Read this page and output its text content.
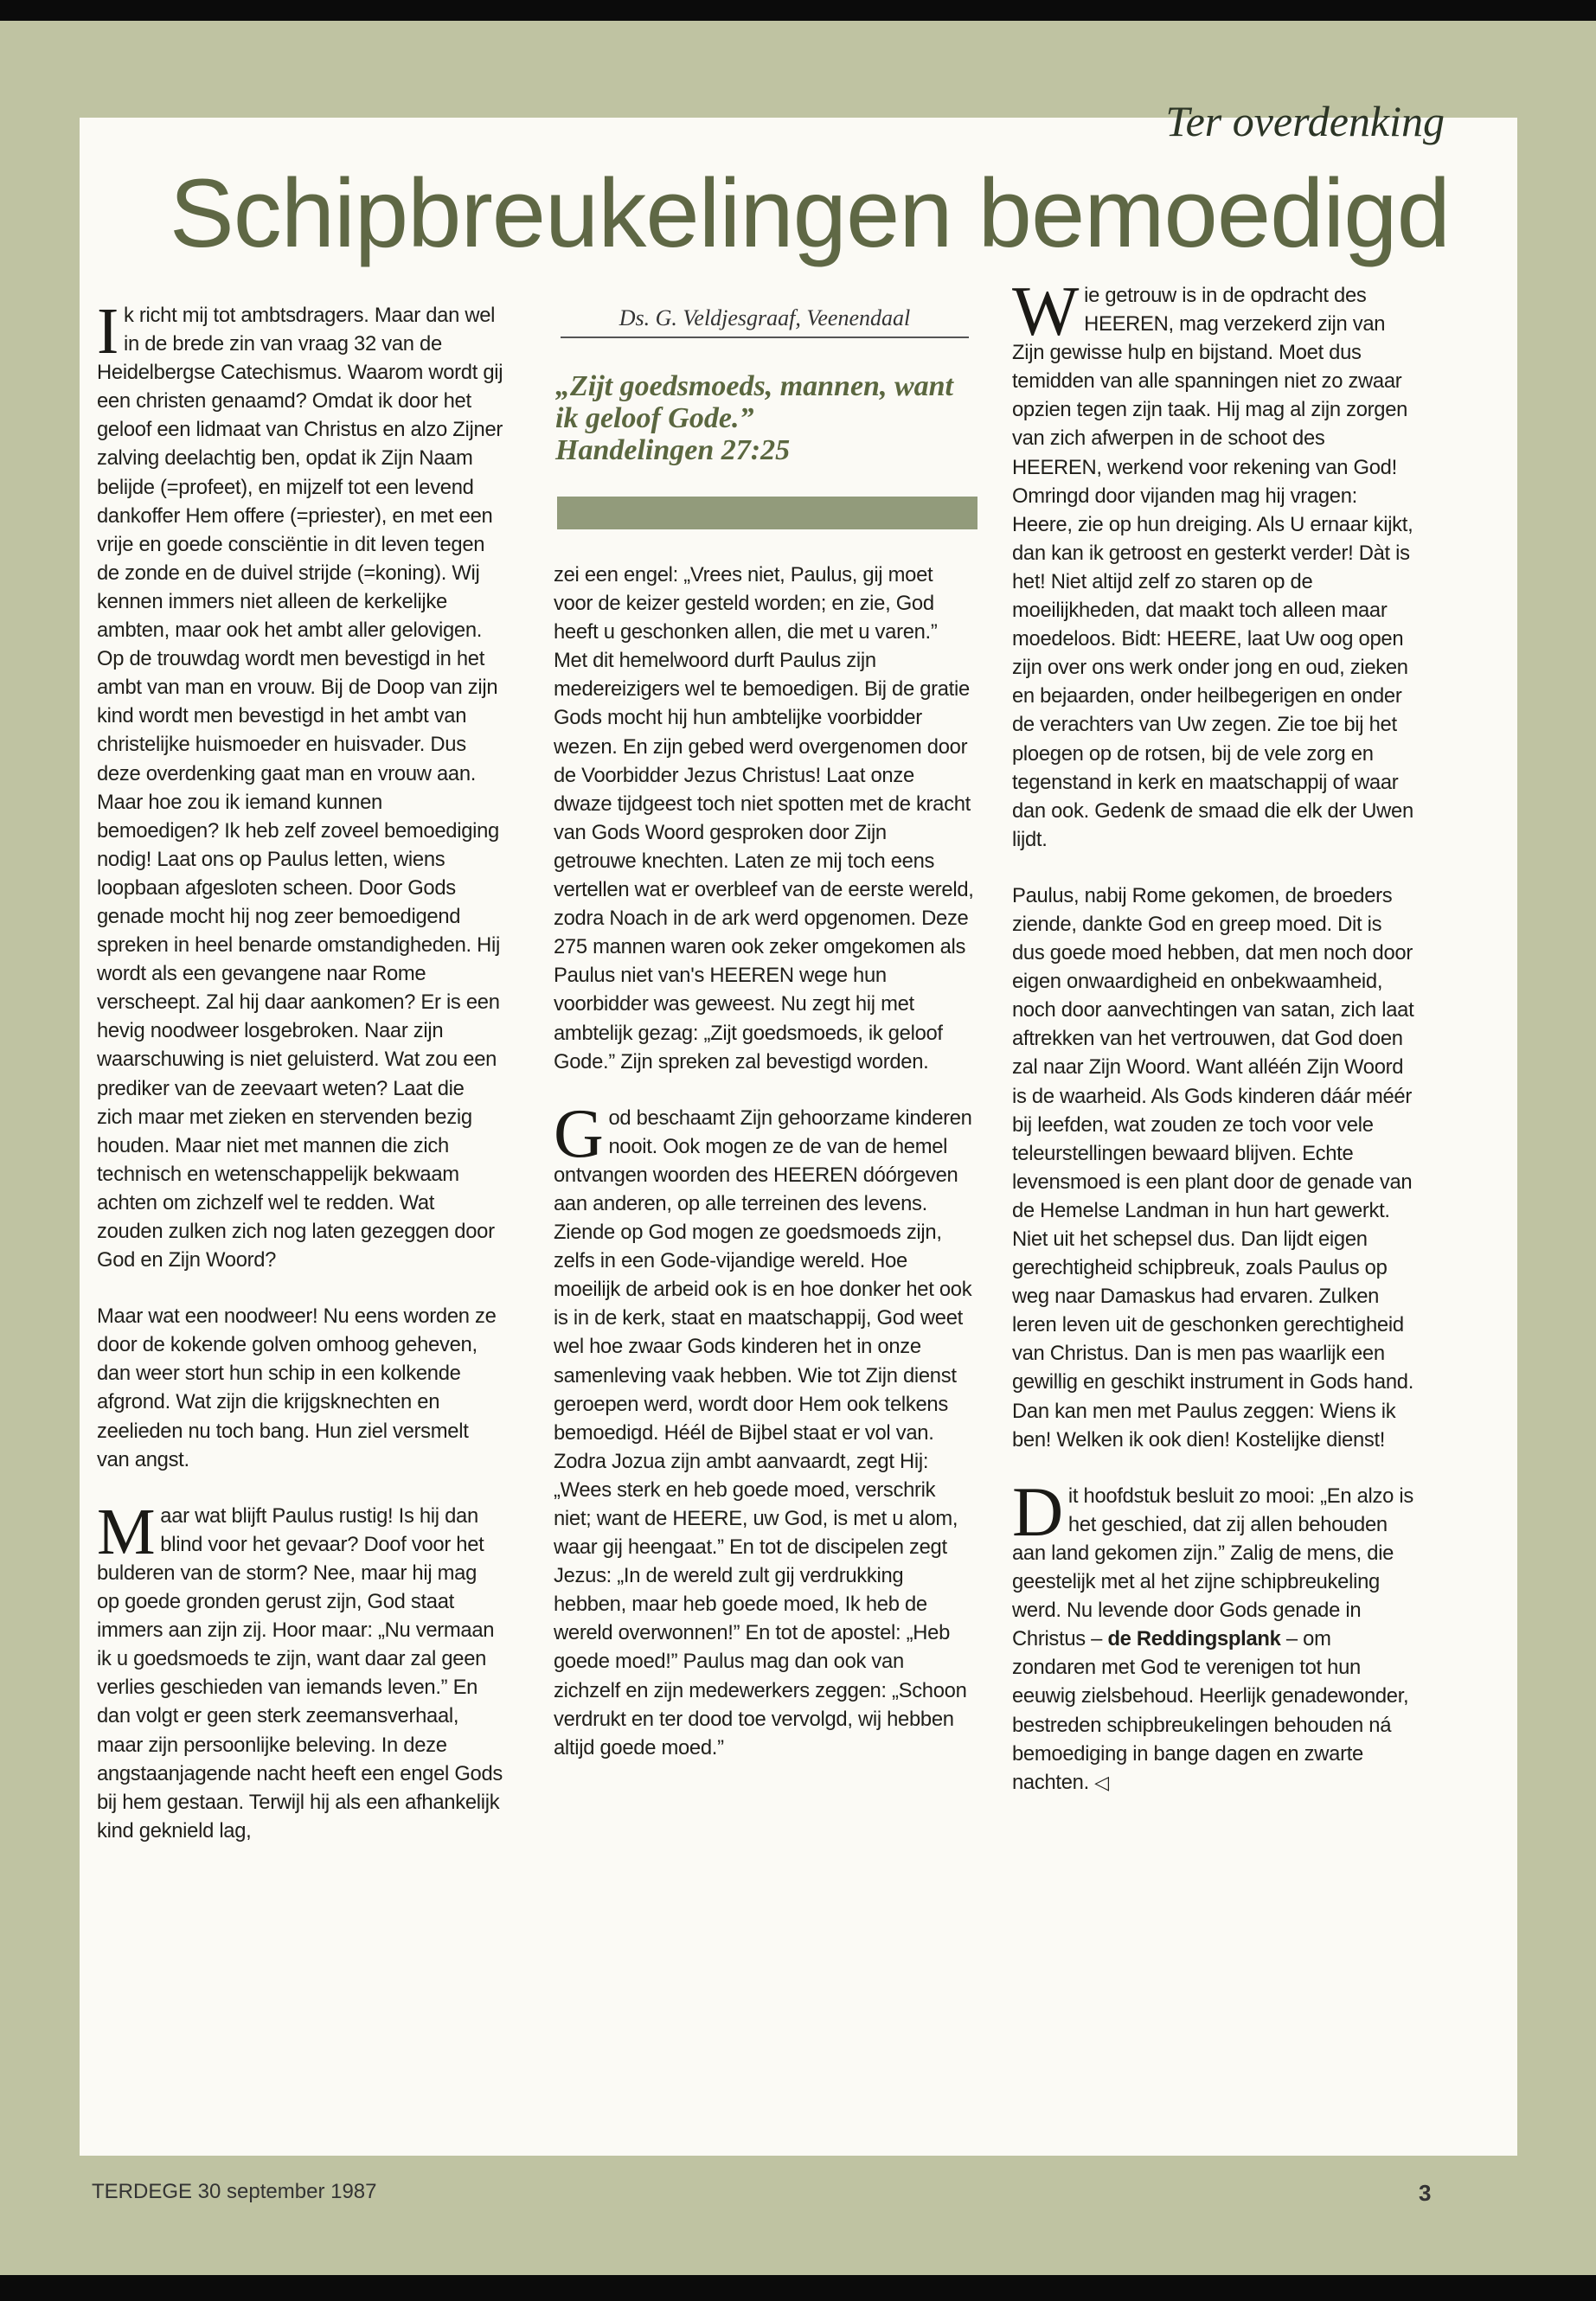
Ter overdenking
Schipbreukelingen bemoedigd

Ik richt mij tot ambtsdragers. Maar dan wel in de brede zin van vraag 32 van de Heidelbergse Catechismus. Waarom wordt gij een christen genaamd? Omdat ik door het geloof een lidmaat van Christus en alzo Zijner zalving deelachtig ben, opdat ik Zijn Naam belijde (=profeet), en mijzelf tot een levend dankoffer Hem offere (=priester), en met een vrije en goede consciëntie in dit leven tegen de zonde en de duivel strijde (=koning). Wij kennen immers niet alleen de kerkelijke ambten, maar ook het ambt aller gelovigen. Op de trouwdag wordt men bevestigd in het ambt van man en vrouw. Bij de Doop van zijn kind wordt men bevestigd in het ambt van christelijke huismoeder en huisvader. Dus deze overdenking gaat man en vrouw aan. Maar hoe zou ik iemand kunnen bemoedigen? Ik heb zelf zoveel bemoediging nodig! Laat ons op Paulus letten, wiens loopbaan afgesloten scheen. Door Gods genade mocht hij nog zeer bemoedigend spreken in heel benarde omstandigheden. Hij wordt als een gevangene naar Rome verscheept. Zal hij daar aankomen? Er is een hevig noodweer losgebroken. Naar zijn waarschuwing is niet geluisterd. Wat zou een prediker van de zeevaart weten? Laat die zich maar met zieken en stervenden bezig houden. Maar niet met mannen die zich technisch en wetenschappelijk bekwaam achten om zichzelf wel te redden. Wat zouden zulken zich nog laten gezeggen door God en Zijn Woord?

Maar wat een noodweer! Nu eens worden ze door de kokende golven omhoog geheven, dan weer stort hun schip in een kolkende afgrond. Wat zijn die krijgsknechten en zeelieden nu toch bang. Hun ziel versmelt van angst.

Maar wat blijft Paulus rustig! Is hij dan blind voor het gevaar? Doof voor het bulderen van de storm? Nee, maar hij mag op goede gronden gerust zijn, God staat immers aan zijn zij. Hoor maar: „Nu vermaan ik u goedsmoeds te zijn, want daar zal geen verlies geschieden van iemands leven.” En dan volgt er geen sterk zeemansverhaal, maar zijn persoonlijke beleving. In deze angstaanjagende nacht heeft een engel Gods bij hem gestaan. Terwijl hij als een afhankelijk kind geknield lag,

Ds. G. Veldjesgraaf, Veenendaal
„Zijt goedsmoeds, mannen, want ik geloof Gode.”
Handelingen 27:25

zei een engel: „Vrees niet, Paulus, gij moet voor de keizer gesteld worden; en zie, God heeft u geschonken allen, die met u varen.” Met dit hemelwoord durft Paulus zijn medereizigers wel te bemoedigen. Bij de gratie Gods mocht hij hun ambtelijke voorbidder wezen. En zijn gebed werd overgenomen door de Voorbidder Jezus Christus! Laat onze dwaze tijdgeest toch niet spotten met de kracht van Gods Woord gesproken door Zijn getrouwe knechten. Laten ze mij toch eens vertellen wat er overbleef van de eerste wereld, zodra Noach in de ark werd opgenomen. Deze 275 mannen waren ook zeker omgekomen als Paulus niet van's HEEREN wege hun voorbidder was geweest. Nu zegt hij met ambtelijk gezag: „Zijt goedsmoeds, ik geloof Gode.” Zijn spreken zal bevestigd worden.

God beschaamt Zijn gehoorzame kinderen nooit. Ook mogen ze de van de hemel ontvangen woorden des HEEREN dóórgeven aan anderen, op alle terreinen des levens. Ziende op God mogen ze goedsmoeds zijn, zelfs in een Gode-vijandige wereld. Hoe moeilijk de arbeid ook is en hoe donker het ook is in de kerk, staat en maatschappij, God weet wel hoe zwaar Gods kinderen het in onze samenleving vaak hebben. Wie tot Zijn dienst geroepen werd, wordt door Hem ook telkens bemoedigd. Héél de Bijbel staat er vol van. Zodra Jozua zijn ambt aanvaardt, zegt Hij: „Wees sterk en heb goede moed, verschrik niet; want de HEERE, uw God, is met u alom, waar gij heengaat.” En tot de discipelen zegt Jezus: „In de wereld zult gij verdrukking hebben, maar heb goede moed, Ik heb de wereld overwonnen!” En tot de apostel: „Heb goede moed!” Paulus mag dan ook van zichzelf en zijn medewerkers zeggen: „Schoon verdrukt en ter dood toe vervolgd, wij hebben altijd goede moed.”

Wie getrouw is in de opdracht des HEEREN, mag verzekerd zijn van Zijn gewisse hulp en bijstand. Moet dus temidden van alle spanningen niet zo zwaar opzien tegen zijn taak. Hij mag al zijn zorgen van zich afwerpen in de schoot des HEEREN, werkend voor rekening van God! Omringd door vijanden mag hij vragen: Heere, zie op hun dreiging. Als U ernaar kijkt, dan kan ik getroost en gesterkt verder! Dàt is het! Niet altijd zelf zo staren op de moeilijkheden, dat maakt toch alleen maar moedeloos. Bidt: HEERE, laat Uw oog open zijn over ons werk onder jong en oud, zieken en bejaarden, onder heilbegerigen en onder de verachters van Uw zegen. Zie toe bij het ploegen op de rotsen, bij de vele zorg en tegenstand in kerk en maatschappij of waar dan ook. Gedenk de smaad die elk der Uwen lijdt.

Paulus, nabij Rome gekomen, de broeders ziende, dankte God en greep moed. Dit is dus goede moed hebben, dat men noch door eigen onwaardigheid en onbekwaamheid, noch door aanvechtingen van satan, zich laat aftrekken van het vertrouwen, dat God doen zal naar Zijn Woord. Want alléén Zijn Woord is de waarheid. Als Gods kinderen dáár méér bij leefden, wat zouden ze toch voor vele teleurstellingen bewaard blijven. Echte levensmoed is een plant door de genade van de Hemelse Landman in hun hart gewerkt. Niet uit het schepsel dus. Dan lijdt eigen gerechtigheid schipbreuk, zoals Paulus op weg naar Damaskus had ervaren. Zulken leren leven uit de geschonken gerechtigheid van Christus. Dan is men pas waarlijk een gewillig en geschikt instrument in Gods hand. Dan kan men met Paulus zeggen: Wiens ik ben! Welken ik ook dien! Kostelijke dienst!

Dit hoofdstuk besluit zo mooi: „En alzo is het geschied, dat zij allen behouden aan land gekomen zijn.” Zalig de mens, die geestelijk met al het zijne schipbreukeling werd. Nu levende door Gods genade in Christus – de Reddingsplank – om zondaren met God te verenigen tot hun eeuwig zielsbehoud. Heerlijk genadewonder, bestreden schipbreukelingen behouden ná bemoediging in bange dagen en zwarte nachten. ◁

TERDEGE 30 september 1987	3
